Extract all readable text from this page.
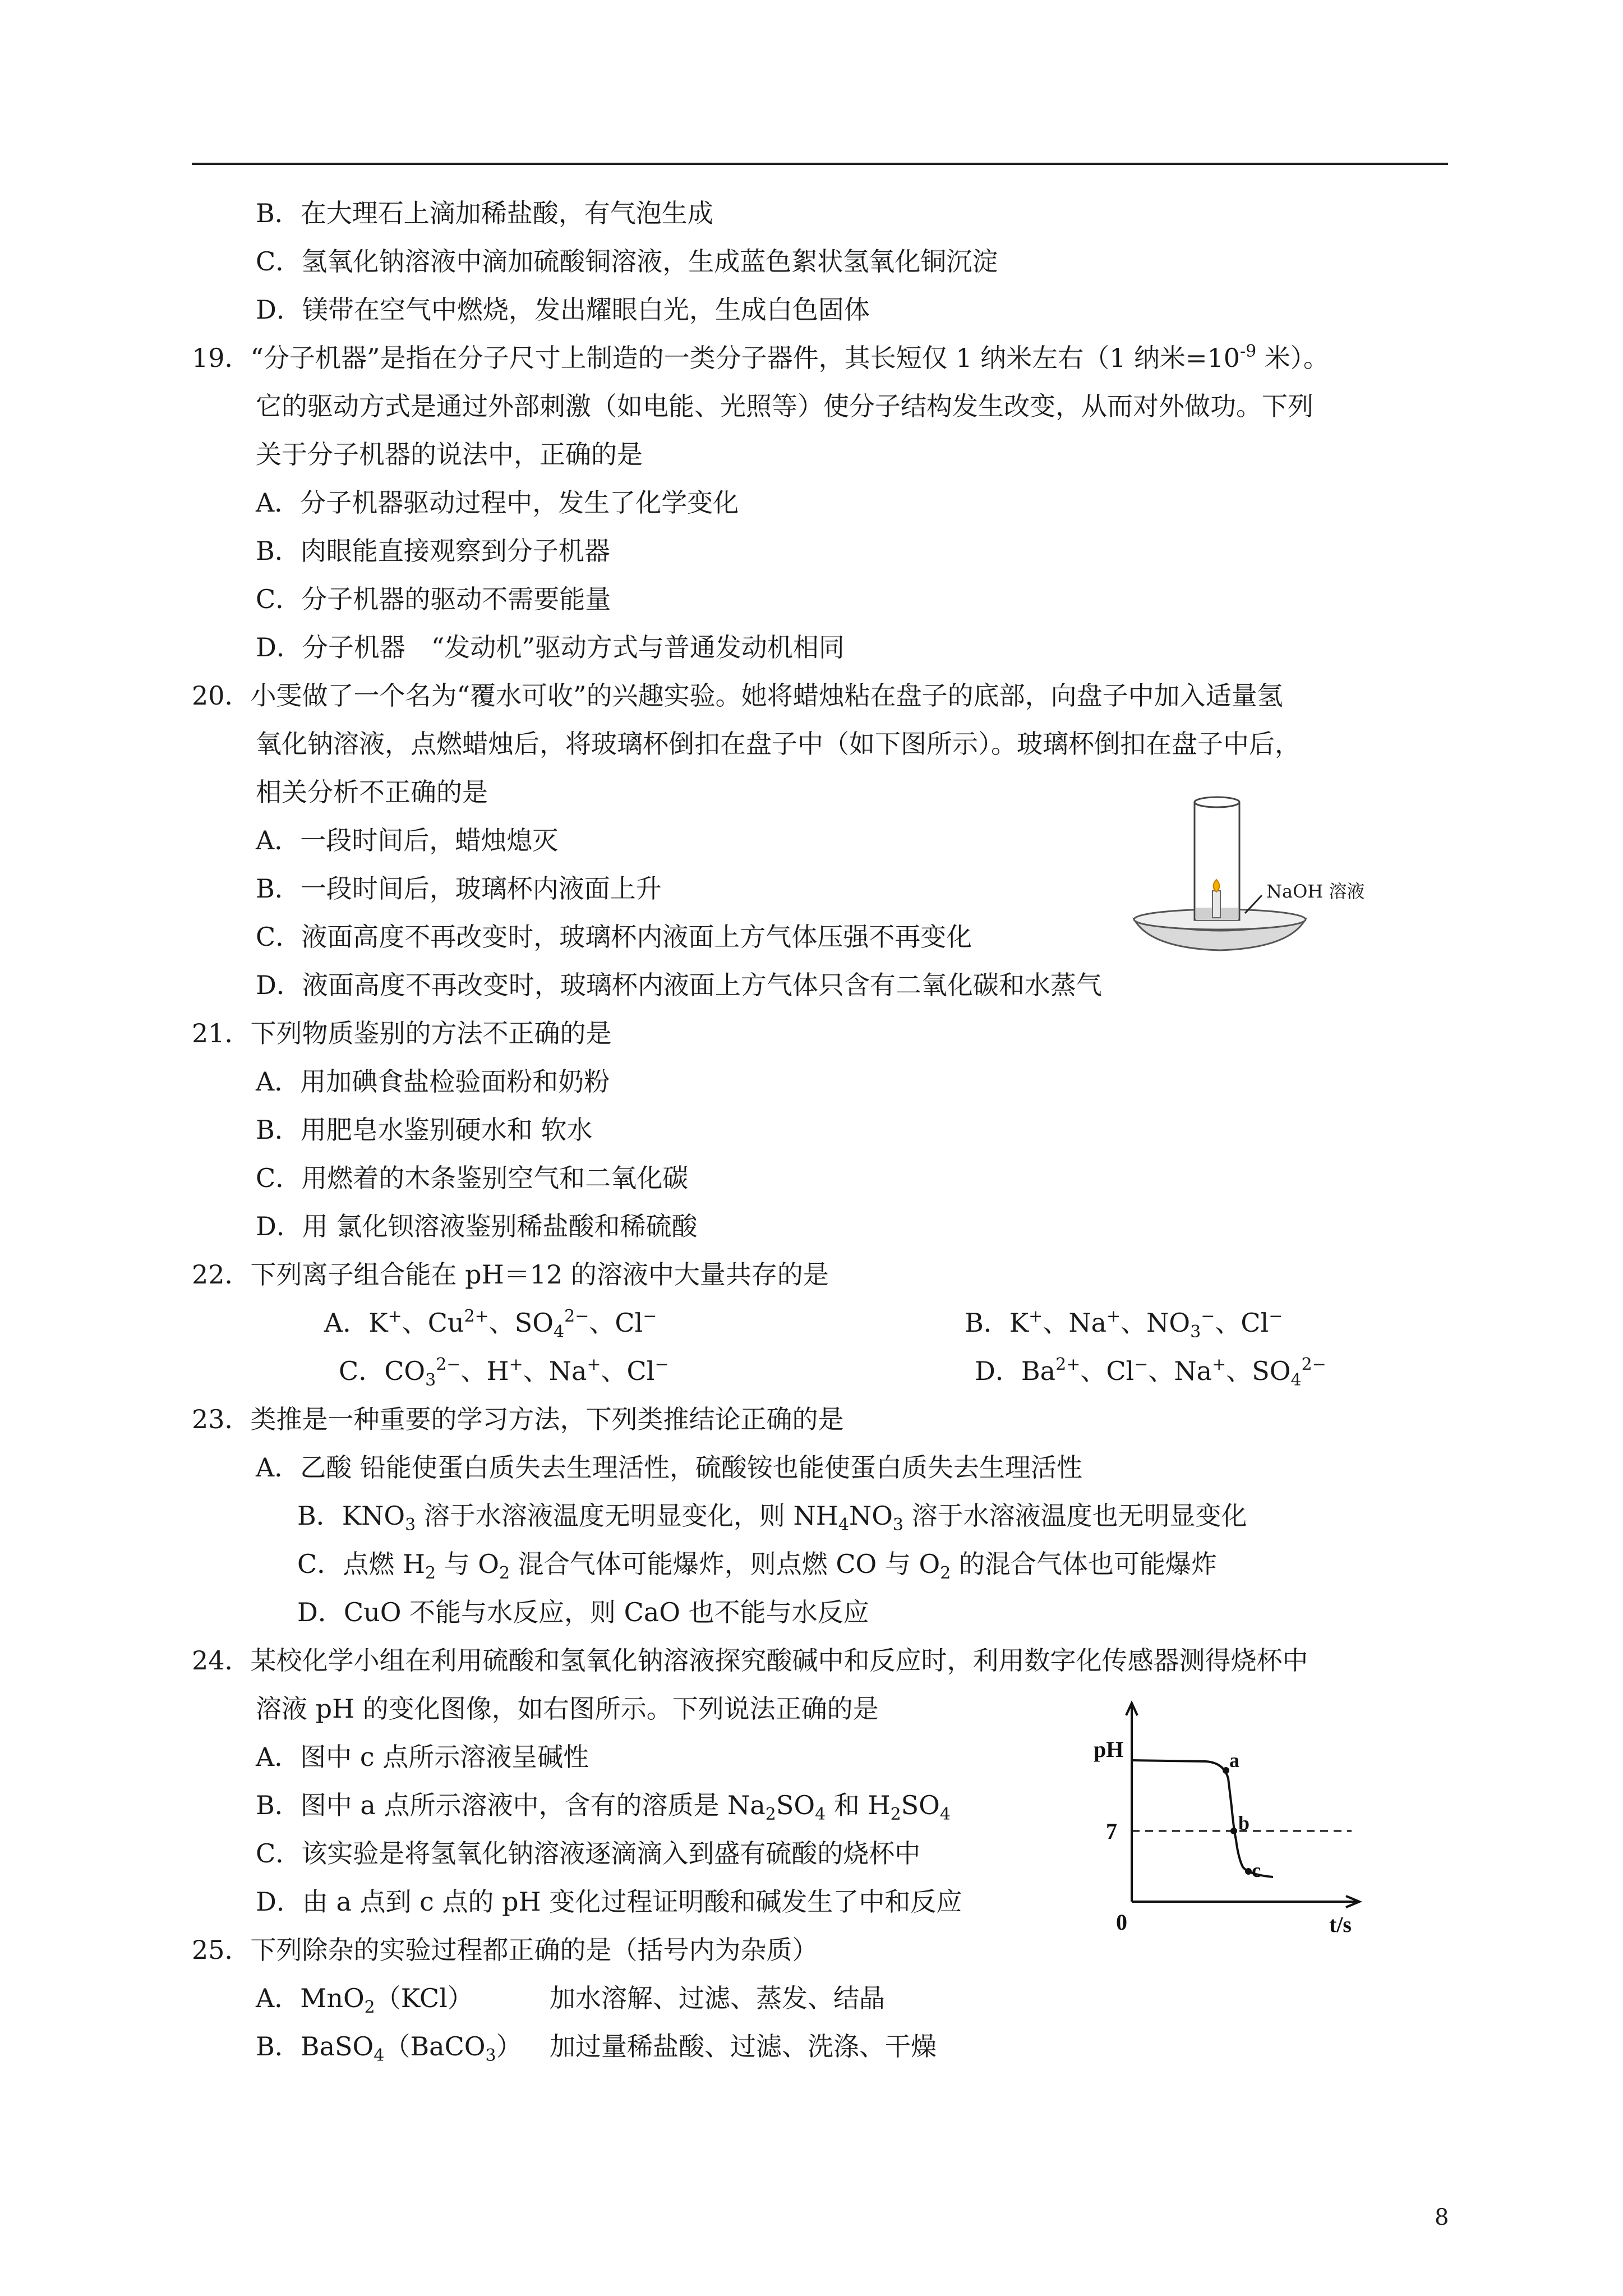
B．在大理石上滴加稀盐酸，有气泡生成
C．氢氧化钠溶液中滴加硫酸铜溶液，生成蓝色絮状氢氧化铜沉淀
D．镁带在空气中燃烧，发出耀眼白光，生成白色固体
19．“分子机器”是指在分子尺寸上制造的一类分子器件，其长短仅 1 纳米左右（1 纳米$=10^{-9}$ 米）。
它的驱动方式是通过外部刺激（如电能、光照等）使分子结构发生改变，从而对外做功。下列
关于分子机器的说法中，正确的是
A．分子机器驱动过程中，发生了化学变化
B．肉眼能直接观察到分子机器
C．分子机器的驱动不需要能量
D．分子机器　“发动机”驱动方式与普通发动机相同
20．小雯做了一个名为“覆水可收”的兴趣实验。她将蜡烛粘在盘子的底部，向盘子中加入适量氢
氧化钠溶液，点燃蜡烛后，将玻璃杯倒扣在盘子中（如下图所示）。玻璃杯倒扣在盘子中后，
相关分析不正确的是
A．一段时间后，蜡烛熄灭
B．一段时间后，玻璃杯内液面上升
C．液面高度不再改变时，玻璃杯内液面上方气体压强不再变化
D．液面高度不再改变时，玻璃杯内液面上方气体只含有二氧化碳和水蒸气
NaOH 溶液
21．下列物质鉴别的方法不正确的是
A．用加碘食盐检验面粉和奶粉
B．用肥皂水鉴别硬水和 软水
C．用燃着的木条鉴别空气和二氧化碳
D．用 氯化钡溶液鉴别稀盐酸和稀硫酸
22．下列离子组合能在 pH＝12 的溶液中大量共存的是
A．K+、$Cu^{2+}$、$SO_4^{2-}$、Cl−	B．K+、Na+、$NO_3^-$、Cl−
C．$CO_3^{2-}$、H+、Na+、Cl−	D．$Ba^{2+}$、Cl−、Na+、$SO_4^{2-}$
23．类推是一种重要的学习方法，下列类推结论正确的是
A．乙酸 铅能使蛋白质失去生理活性，硫酸铵也能使蛋白质失去生理活性
B．$KNO_3$ 溶于水溶液温度无明显变化，则 $NH_4NO_3$ 溶于水溶液温度也无明显变化
C．点燃 $H_2$ 与 $O_2$ 混合气体可能爆炸，则点燃 CO 与 $O_2$ 的混合气体也可能爆炸
D．CuO 不能与水反应，则 CaO 也不能与水反应
24．某校化学小组在利用硫酸和氢氧化钠溶液探究酸碱中和反应时，利用数字化传感器测得烧杯中
溶液 pH 的变化图像，如右图所示。下列说法正确的是
A．图中 c 点所示溶液呈碱性
B．图中 a 点所示溶液中，含有的溶质是 $Na_2SO_4$ 和 $H_2SO_4$
C．该实验是将氢氧化钠溶液逐滴滴入到盛有硫酸的烧杯中
D．由 a 点到 c 点的 pH 变化过程证明酸和碱发生了中和反应
pH
7
0	t/s
a
b
c
25．下列除杂的实验过程都正确的是（括号内为杂质）
A．MnO$_2$（KCl）	加水溶解、过滤、蒸发、结晶
B．BaSO$_4$（BaCO$_3$） 加过量稀盐酸、过滤、洗涤、干燥
8
